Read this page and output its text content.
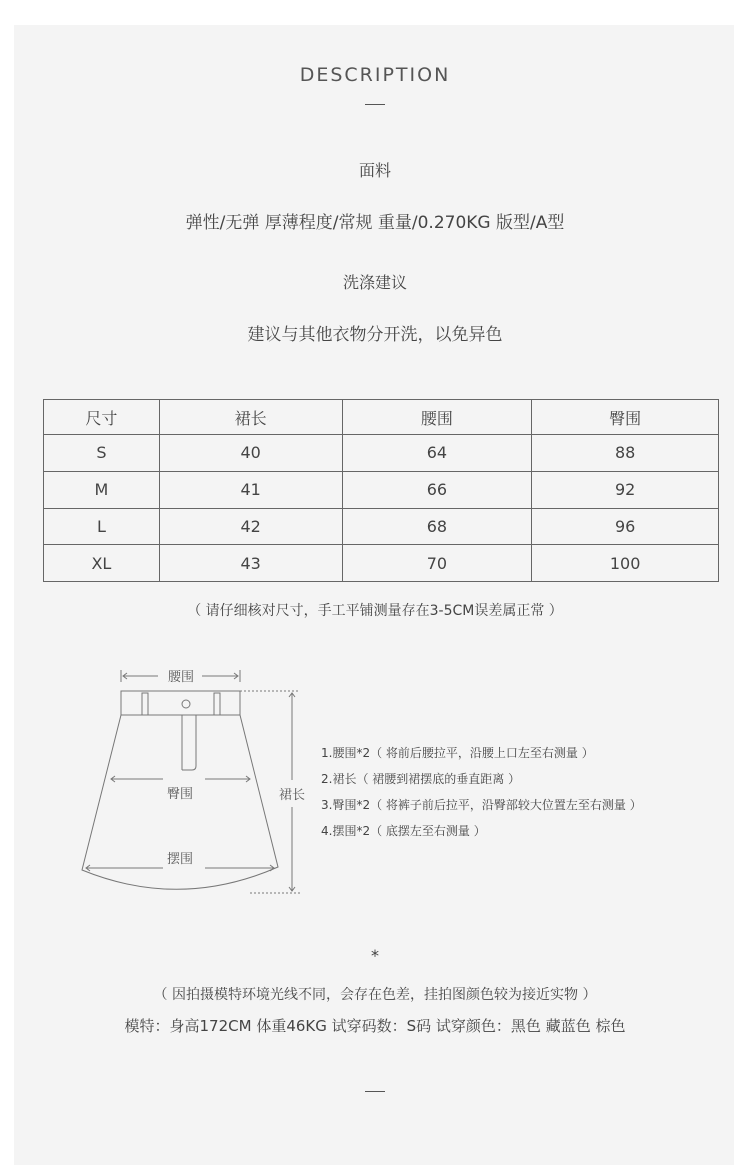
DESCRIPTION
面料
弹性/无弹 厚薄程度/常规 重量/0.270KG 版型/A型
洗涤建议
建议与其他衣物分开洗，以免异色
尺寸	裙长	腰围	臀围
S	40	64	88
M	41	66	92
L	42	68	96
XL	43	70	100
（ 请仔细核对尺寸，手工平铺测量存在3-5CM误差属正常 ）
腰围
臀围
摆围
裙长
1.腰围*2（ 将前后腰拉平，沿腰上口左至右测量 ）
2.裙长（ 裙腰到裙摆底的垂直距离 ）
3.臀围*2（ 将裤子前后拉平，沿臀部较大位置左至右测量 ）
4.摆围*2（ 底摆左至右测量 ）
*
（ 因拍摄模特环境光线不同，会存在色差，挂拍图颜色较为接近实物 ）
模特：身高172CM 体重46KG 试穿码数：S码 试穿颜色：黑色 藏蓝色 棕色
